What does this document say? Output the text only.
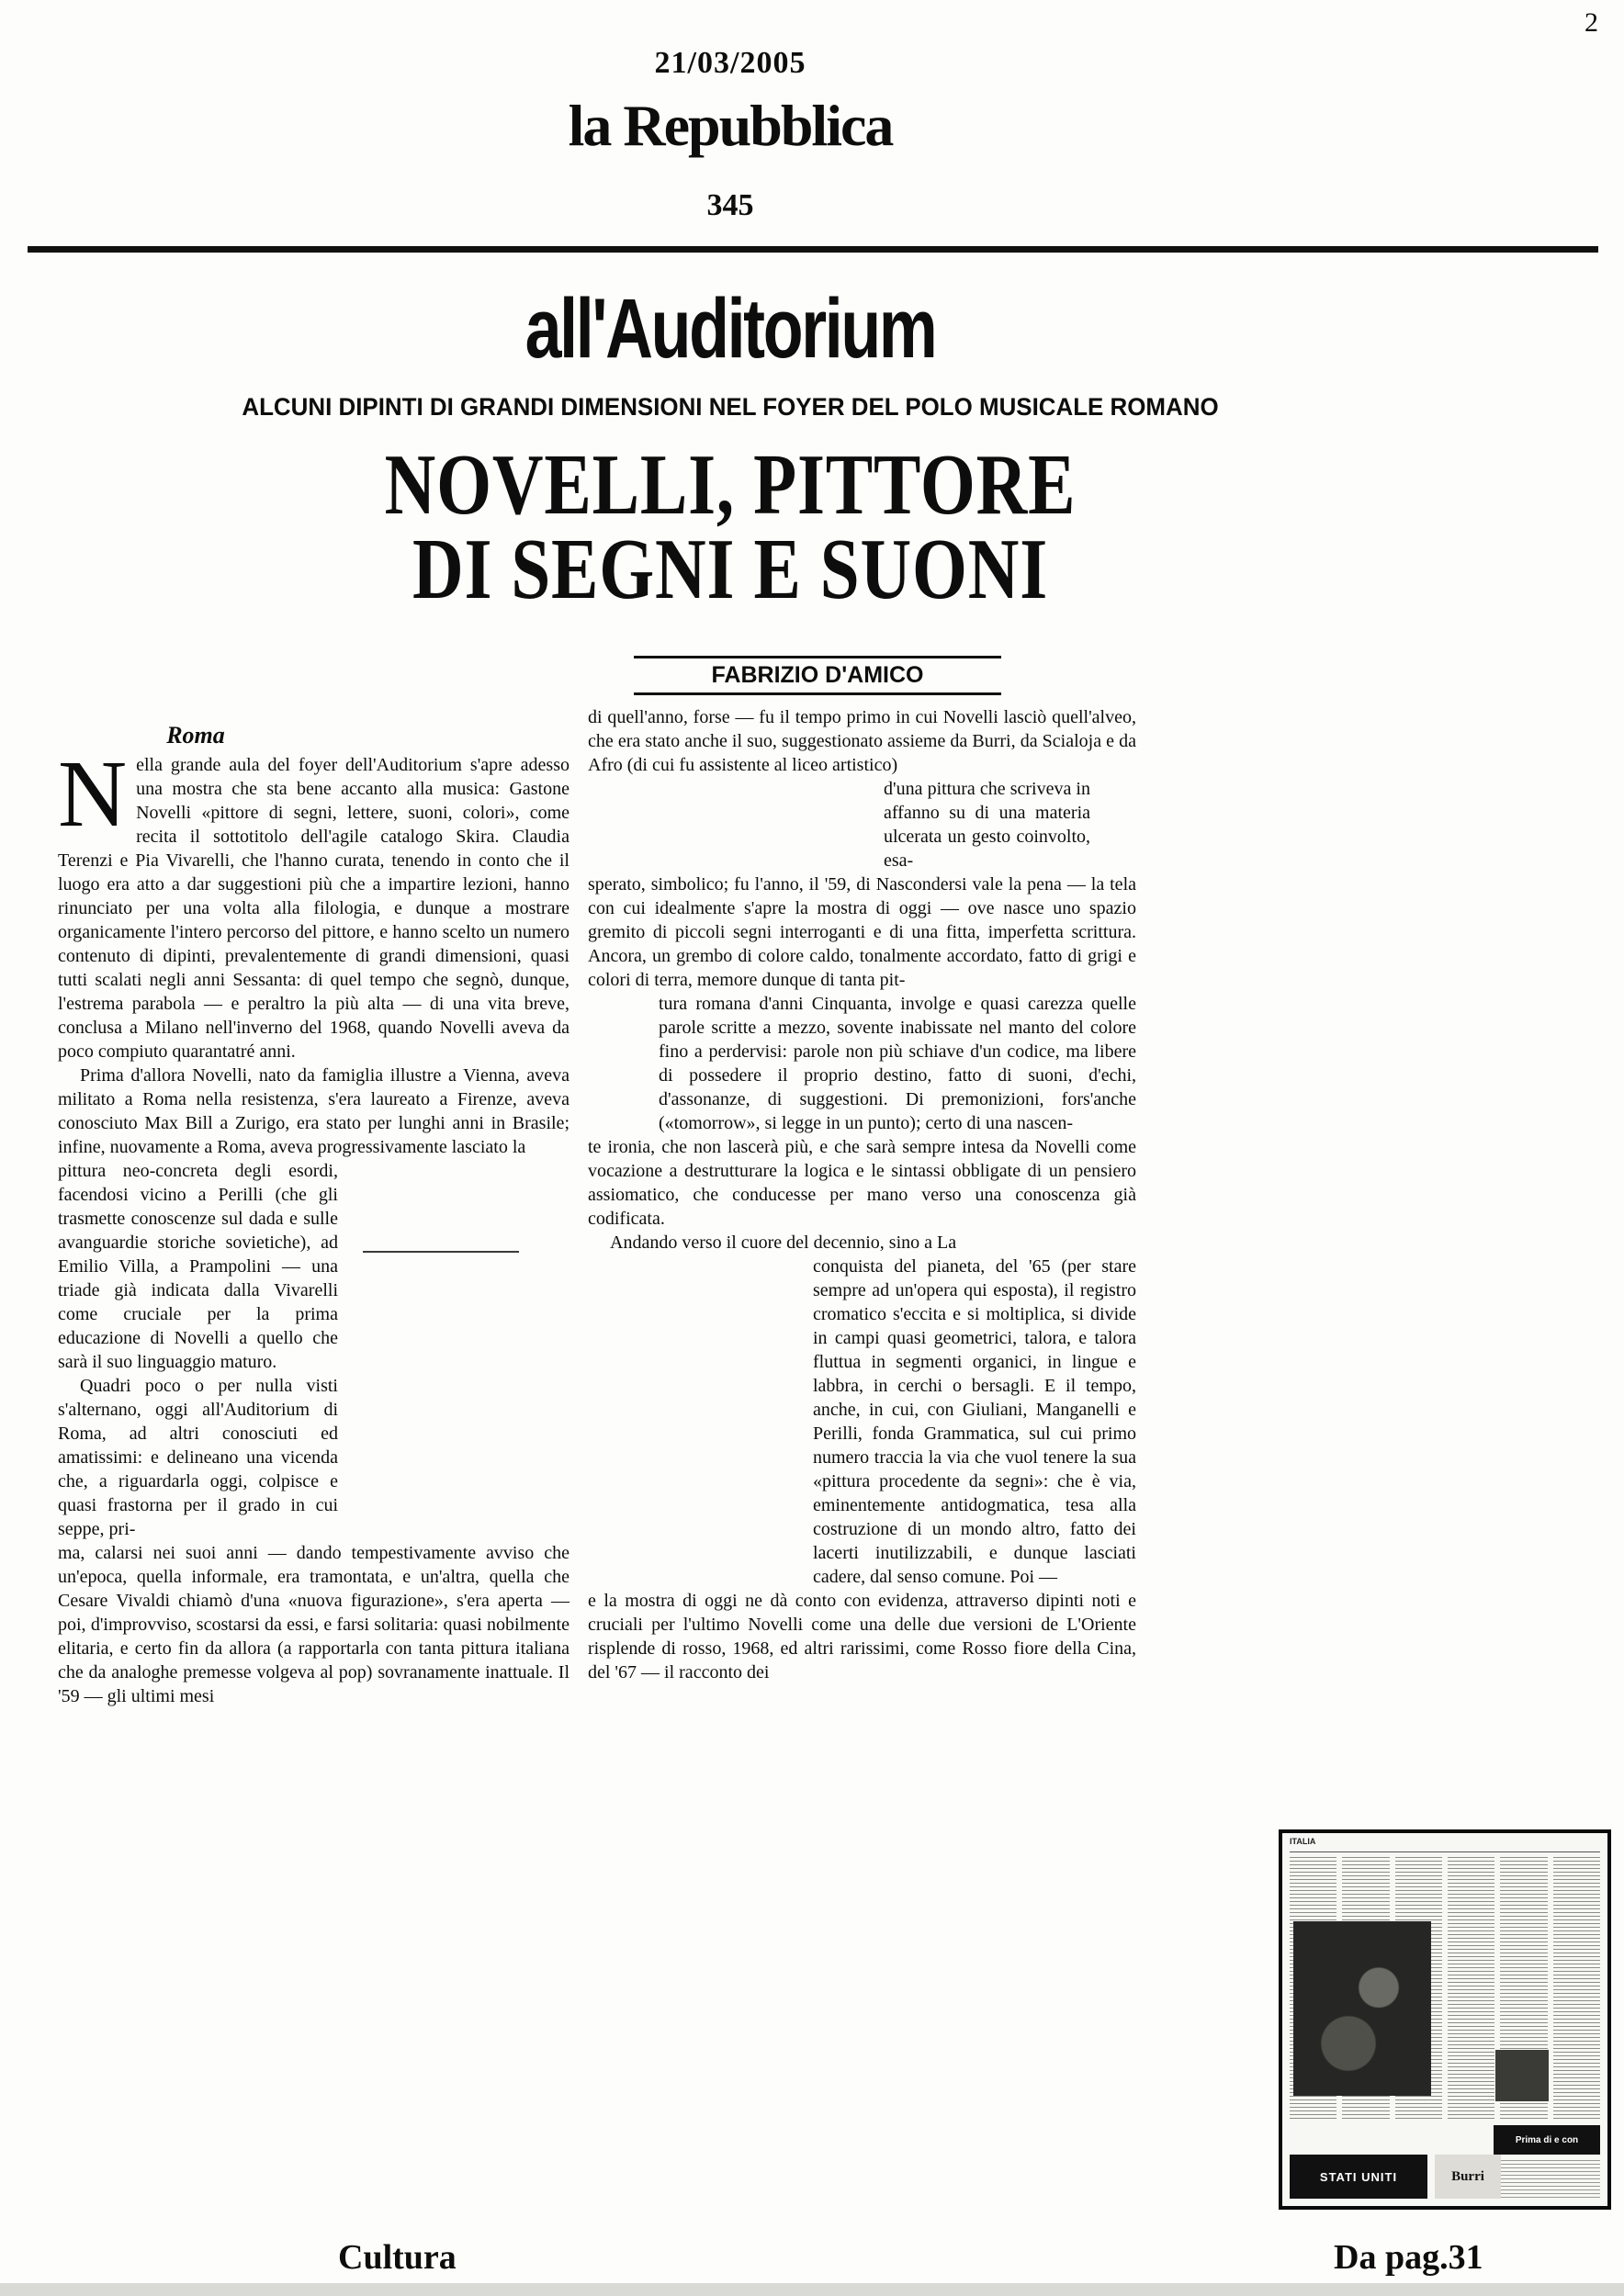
2
21/03/2005
la Repubblica
345
all'Auditorium
ALCUNI DIPINTI DI GRANDI DIMENSIONI NEL FOYER DEL POLO MUSICALE ROMANO
NOVELLI, PITTORE
DI SEGNI E SUONI
FABRIZIO D'AMICO
Roma
Nella grande aula del foyer dell'Auditorium s'apre adesso una mostra che sta bene accanto alla musica: Gastone Novelli «pittore di segni, lettere, suoni, colori», come recita il sottotitolo dell'agile catalogo Skira. Claudia Terenzi e Pia Vivarelli, che l'hanno curata, tenendo in conto che il luogo era atto a dar suggestioni più che a impartire lezioni, hanno rinunciato per una volta alla filologia, e dunque a mostrare organicamente l'intero percorso del pittore, e hanno scelto un numero contenuto di dipinti, prevalentemente di grandi dimensioni, quasi tutti scalati negli anni Sessanta: di quel tempo che segnò, dunque, l'estrema parabola — e peraltro la più alta — di una vita breve, conclusa a Milano nell'inverno del 1968, quando Novelli aveva da poco compiuto quarantatré anni.
Prima d'allora Novelli, nato da famiglia illustre a Vienna, aveva militato a Roma nella resistenza, s'era laureato a Firenze, aveva conosciuto Max Bill a Zurigo, era stato per lunghi anni in Brasile; infine, nuovamente a Roma, aveva progressivamente lasciato la
pittura neo-concreta degli esordi, facendosi vicino a Perilli (che gli trasmette conoscenze sul dada e sulle avanguardie storiche sovietiche), ad Emilio Villa, a Prampolini — una triade già indicata dalla Vivarelli come cruciale per la prima educazione di Novelli a quello che sarà il suo linguaggio maturo.
Quadri poco o per nulla visti s'alternano, oggi all'Auditorium di Roma, ad altri conosciuti ed amatissimi: e delineano una vicenda che, a riguardarla oggi, colpisce e quasi frastorna per il grado in cui seppe, pri-
ma, calarsi nei suoi anni — dando tempestivamente avviso che un'epoca, quella informale, era tramontata, e un'altra, quella che Cesare Vivaldi chiamò d'una «nuova figurazione», s'era aperta — poi, d'improvviso, scostarsi da essi, e farsi solitaria: quasi nobilmente elitaria, e certo fin da allora (a rapportarla con tanta pittura italiana che da analoghe premesse volgeva al pop) sovranamente inattuale. Il '59 — gli ultimi mesi
di quell'anno, forse — fu il tempo primo in cui Novelli lasciò quell'alveo, che era stato anche il suo, suggestionato assieme da Burri, da Scialoja e da Afro (di cui fu assistente al liceo artistico)
d'una pittura che scriveva in affanno su di una materia ulcerata un gesto coinvolto, esa-
sperato, simbolico; fu l'anno, il '59, di Nascondersi vale la pena — la tela con cui idealmente s'apre la mostra di oggi — ove nasce uno spazio gremito di piccoli segni interroganti e di una fitta, imperfetta scrittura. Ancora, un grembo di colore caldo, tonalmente accordato, fatto di grigi e colori di terra, memore dunque di tanta pit-
tura romana d'anni Cinquanta, involge e quasi carezza quelle parole scritte a mezzo, sovente inabissate nel manto del colore fino a perdervisi: parole non più schiave d'un codice, ma libere di possedere il proprio destino, fatto di suoni, d'echi, d'assonanze, di suggestioni. Di premonizioni, fors'anche («tomorrow», si legge in un punto); certo di una nascen-
te ironia, che non lascerà più, e che sarà sempre intesa da Novelli come vocazione a destrutturare la logica e le sintassi obbligate di un pensiero assiomatico, che conducesse per mano verso una conoscenza già codificata.
Andando verso il cuore del decennio, sino a La
conquista del pianeta, del '65 (per stare sempre ad un'opera qui esposta), il registro cromatico s'eccita e si moltiplica, si divide in campi quasi geometrici, talora, e talora fluttua in segmenti organici, in lingue e labbra, in cerchi o bersagli. E il tempo, anche, in cui, con Giuliani, Manganelli e Perilli, fonda Grammatica, sul cui primo numero traccia la via che vuol tenere la sua «pittura procedente da segni»: che è via, eminentemente antidogmatica, tesa alla costruzione di un mondo altro, fatto dei lacerti inutilizzabili, e dunque lasciati cadere, dal senso comune. Poi —
e la mostra di oggi ne dà conto con evidenza, attraverso dipinti noti e cruciali per l'ultimo Novelli come una delle due versioni de L'Oriente risplende di rosso, 1968, ed altri rarissimi, come Rosso fiore della Cina, del '67 — il racconto dei
ITALIA
Prima di e con
STATI UNITI	Burri
Cultura	Da pag.31
